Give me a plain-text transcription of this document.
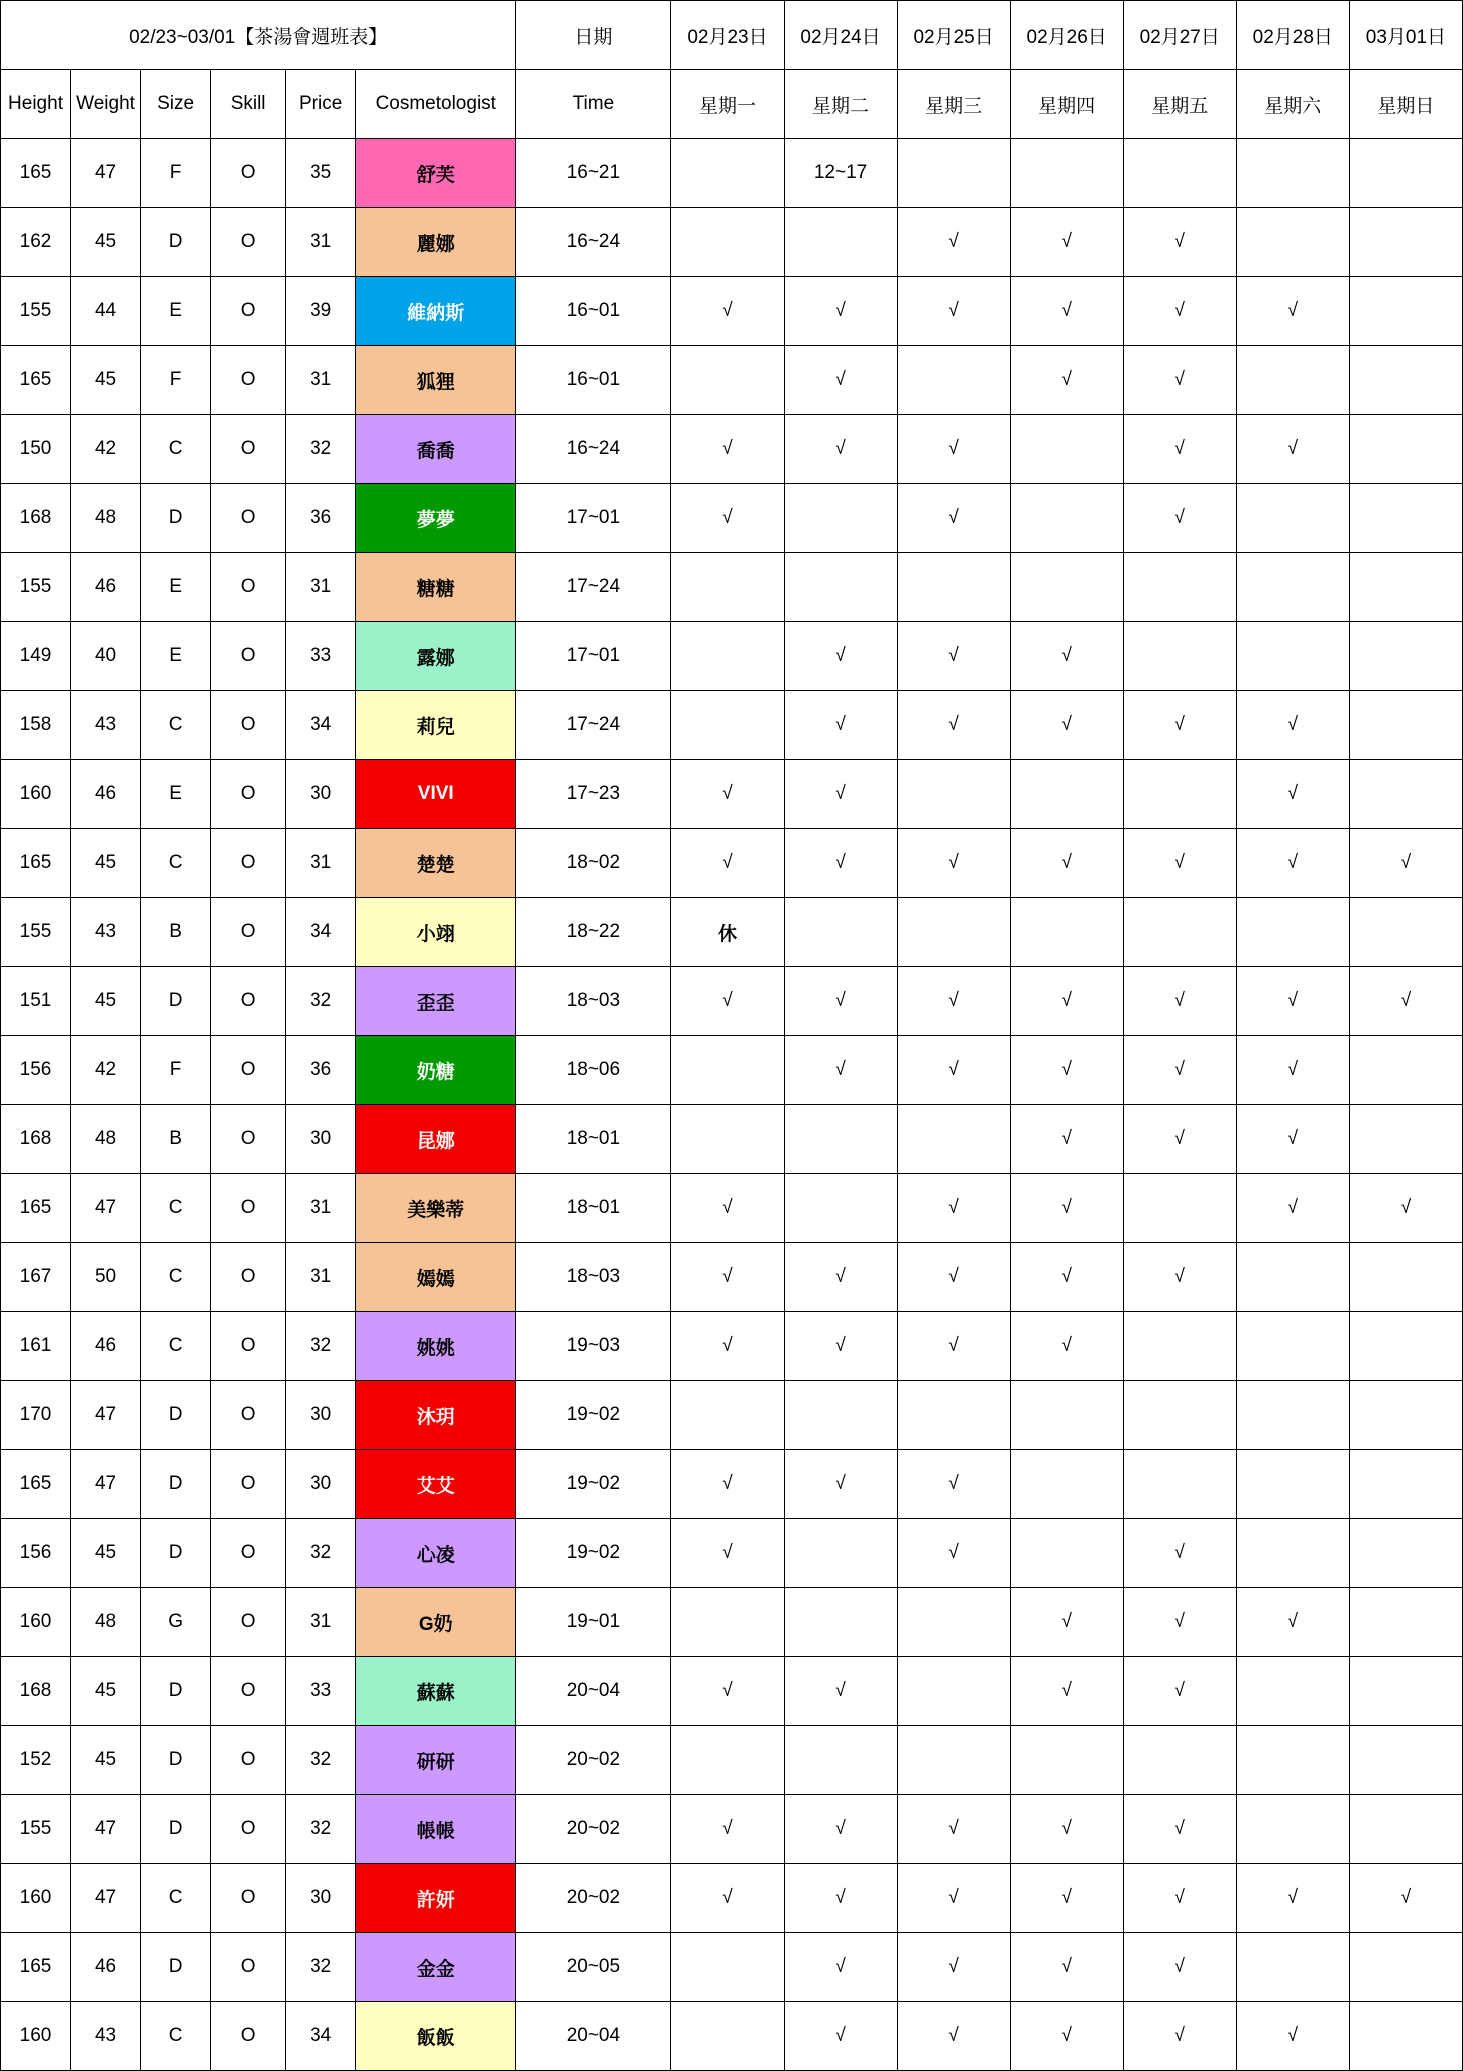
02/23~03/01【茶湯會週班表】						日期	02月23日	02月24日	02月25日	02月26日	02月27日	02月28日	03月01日
Height	Weight	Size	Skill	Price	Cosmetologist	Time	星期一	星期二	星期三	星期四	星期五	星期六	星期日
165	47	F	O	35	舒芙	16~21		12~17					
162	45	D	O	31	麗娜	16~24			√	√	√		
155	44	E	O	39	維納斯	16~01	√	√	√	√	√	√	
165	45	F	O	31	狐狸	16~01		√		√	√		
150	42	C	O	32	喬喬	16~24	√	√	√		√	√	
168	48	D	O	36	夢夢	17~01	√		√		√		
155	46	E	O	31	糖糖	17~24							
149	40	E	O	33	露娜	17~01		√	√	√			
158	43	C	O	34	莉兒	17~24		√	√	√	√	√	
160	46	E	O	30	VIVI	17~23	√	√				√	
165	45	C	O	31	楚楚	18~02	√	√	√	√	√	√	√
155	43	B	O	34	小翊	18~22	休						
151	45	D	O	32	歪歪	18~03	√	√	√	√	√	√	√
156	42	F	O	36	奶糖	18~06		√	√	√	√	√	
168	48	B	O	30	昆娜	18~01				√	√	√	
165	47	C	O	31	美樂蒂	18~01	√		√	√		√	√
167	50	C	O	31	嫣嫣	18~03	√	√	√	√	√		
161	46	C	O	32	姚姚	19~03	√	√	√	√			
170	47	D	O	30	沐玥	19~02							
165	47	D	O	30	艾艾	19~02	√	√	√				
156	45	D	O	32	心凌	19~02	√		√		√		
160	48	G	O	31	G奶	19~01				√	√	√	
168	45	D	O	33	蘇蘇	20~04	√	√		√	√		
152	45	D	O	32	研研	20~02							
155	47	D	O	32	帳帳	20~02	√	√	√	√	√		
160	47	C	O	30	許妍	20~02	√	√	√	√	√	√	√
165	46	D	O	32	金金	20~05		√	√	√	√		
160	43	C	O	34	飯飯	20~04		√	√	√	√	√	
